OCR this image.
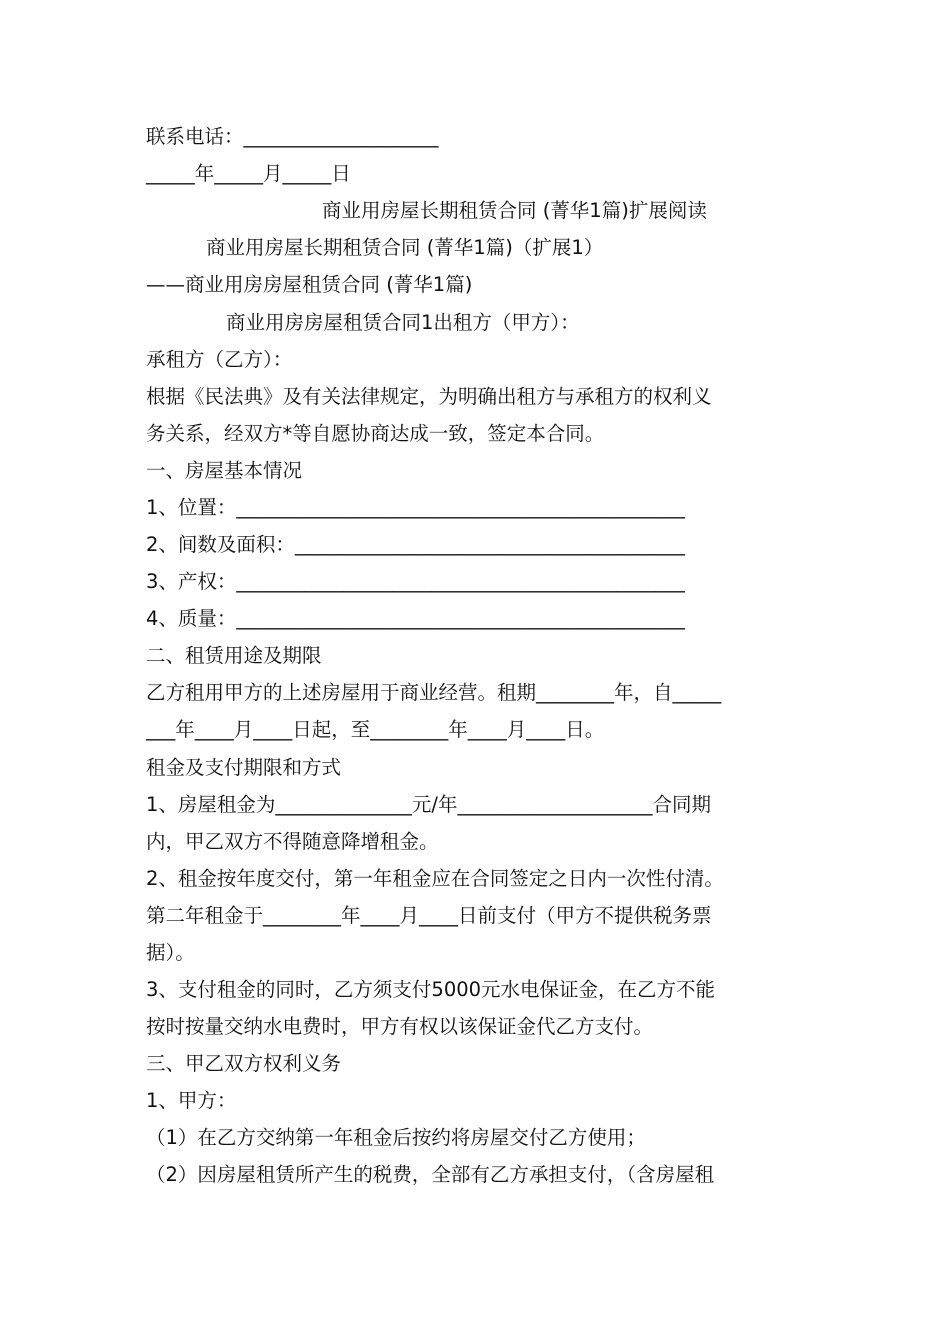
联系电话：____________________
_____年_____月_____日
商业用房屋长期租赁合同 (菁华1篇)扩展阅读
商业用房屋长期租赁合同 (菁华1篇)（扩展1）
——商业用房房屋租赁合同 (菁华1篇)
商业用房房屋租赁合同1出租方（甲方）：
承租方（乙方）：
根据《民法典》及有关法律规定，为明确出租方与承租方的权利义
务关系，经双方*等自愿协商达成一致，签定本合同。
一、房屋基本情况
1、位置：______________________________________________
2、间数及面积：________________________________________
3、产权：______________________________________________
4、质量：______________________________________________
二、租赁用途及期限
乙方租用甲方的上述房屋用于商业经营。租期________年，自_____
___年____月____日起，至________年____月____日。
租金及支付期限和方式
1、房屋租金为______________元/年____________________合同期
内，甲乙双方不得随意降增租金。
2、租金按年度交付，第一年租金应在合同签定之日内一次性付清。
第二年租金于________年____月____日前支付（甲方不提供税务票
据）。
3、支付租金的同时，乙方须支付5000元水电保证金，在乙方不能
按时按量交纳水电费时，甲方有权以该保证金代乙方支付。
三、甲乙双方权利义务
1、甲方：
（1）在乙方交纳第一年租金后按约将房屋交付乙方使用；
（2）因房屋租赁所产生的税费，全部有乙方承担支付，（含房屋租
